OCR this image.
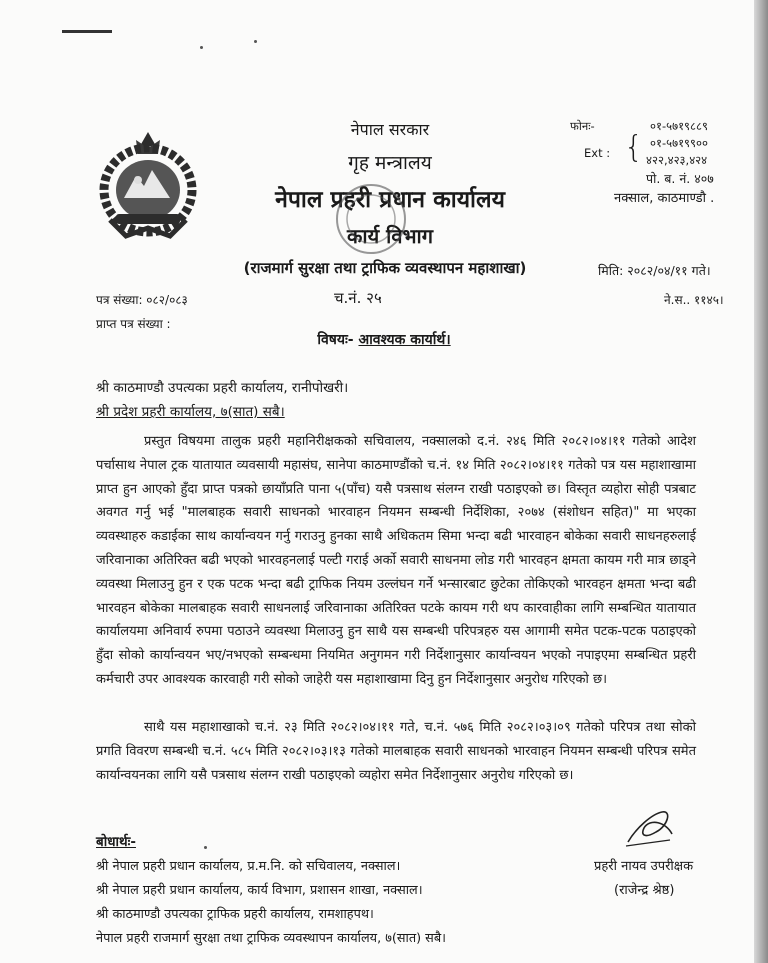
नेपाल सरकार
गृह मन्त्रालय
नेपाल प्रहरी प्रधान कार्यालय
कार्य विभाग
(राजमार्ग सुरक्षा तथा ट्राफिक व्यवस्थापन महाशाखा)
फोनः-	०१-५७१९८८९
०१-५७१९९००
Ext : { ४२२,४२३,४२४
पो. ब. नं. ४०७
नक्साल, काठमाण्डौ .
मिति: २०८२/०४/११ गते।
पत्र संख्या: ०८२/०८३
प्राप्त पत्र संख्या :
च.नं. २५	ने.स.. ११४५।
विषयः- आवश्यक कार्यार्थ।
श्री काठमाण्डौ उपत्यका प्रहरी कार्यालय, रानीपोखरी।
श्री प्रदेश प्रहरी कार्यालय, ७(सात) सबै।
प्रस्तुत विषयमा तालुक प्रहरी महानिरीक्षकको सचिवालय, नक्सालको द.नं. २४६ मिति २०८२।०४।११ गतेको आदेश पर्चासाथ नेपाल ट्रक यातायात व्यवसायी महासंघ, सानेपा काठमाण्डौंको च.नं. १४ मिति २०८२।०४।११ गतेको पत्र यस महाशाखामा प्राप्त हुन आएको हुँदा प्राप्त पत्रको छायाँप्रति पाना ५(पाँच) यसै पत्रसाथ संलग्न राखी पठाइएको छ। विस्तृत व्यहोरा सोही पत्रबाट अवगत गर्नु भई "मालबाहक सवारी साधनको भारवाहन नियमन सम्बन्धी निर्देशिका, २०७४ (संशोधन सहित)" मा भएका व्यवस्थाहरु कडाईका साथ कार्यान्वयन गर्नु गराउनु हुनका साथै अधिकतम सिमा भन्दा बढी भारवाहन बोकेका सवारी साधनहरुलाई जरिवानाका अतिरिक्त बढी भएको भारवहनलाई पल्टी गराई अर्को सवारी साधनमा लोड गरी भारवहन क्षमता कायम गरी मात्र छाड्ने व्यवस्था मिलाउनु हुन र एक पटक भन्दा बढी ट्राफिक नियम उल्लंघन गर्ने भन्सारबाट छुटेका तोकिएको भारवहन क्षमता भन्दा बढी भारवहन बोकेका मालबाहक सवारी साधनलाई जरिवानाका अतिरिक्त पटके कायम गरी थप कारवाहीका लागि सम्बन्धित यातायात कार्यालयमा अनिवार्य रुपमा पठाउने व्यवस्था मिलाउनु हुन साथै यस सम्बन्धी परिपत्रहरु यस आगामी समेत पटक-पटक पठाइएको हुँदा सोको कार्यान्वयन भए/नभएको सम्बन्धमा नियमित अनुगमन गरी निर्देशानुसार कार्यान्वयन भएको नपाइएमा सम्बन्धित प्रहरी कर्मचारी उपर आवश्यक कारवाही गरी सोको जाहेरी यस महाशाखामा दिनु हुन निर्देशानुसार अनुरोध गरिएको छ।
साथै यस महाशाखाको च.नं. २३ मिति २०८२।०४।११ गते, च.नं. ५७६ मिति २०८२।०३।०९ गतेको परिपत्र तथा सोको प्रगति विवरण सम्बन्धी च.नं. ५८५ मिति २०८२।०३।१३ गतेको मालबाहक सवारी साधनको भारवाहन नियमन सम्बन्धी परिपत्र समेत कार्यान्वयनका लागि यसै पत्रसाथ संलग्न राखी पठाइएको व्यहोरा समेत निर्देशानुसार अनुरोध गरिएको छ।
प्रहरी नायव उपरीक्षक
(राजेन्द्र श्रेष्ठ)
बोधार्थः-
श्री नेपाल प्रहरी प्रधान कार्यालय, प्र.म.नि. को सचिवालय, नक्साल।
श्री नेपाल प्रहरी प्रधान कार्यालय, कार्य विभाग, प्रशासन शाखा, नक्साल।
श्री काठमाण्डौ उपत्यका ट्राफिक प्रहरी कार्यालय, रामशाहपथ।
नेपाल प्रहरी राजमार्ग सुरक्षा तथा ट्राफिक व्यवस्थापन कार्यालय, ७(सात) सबै।
